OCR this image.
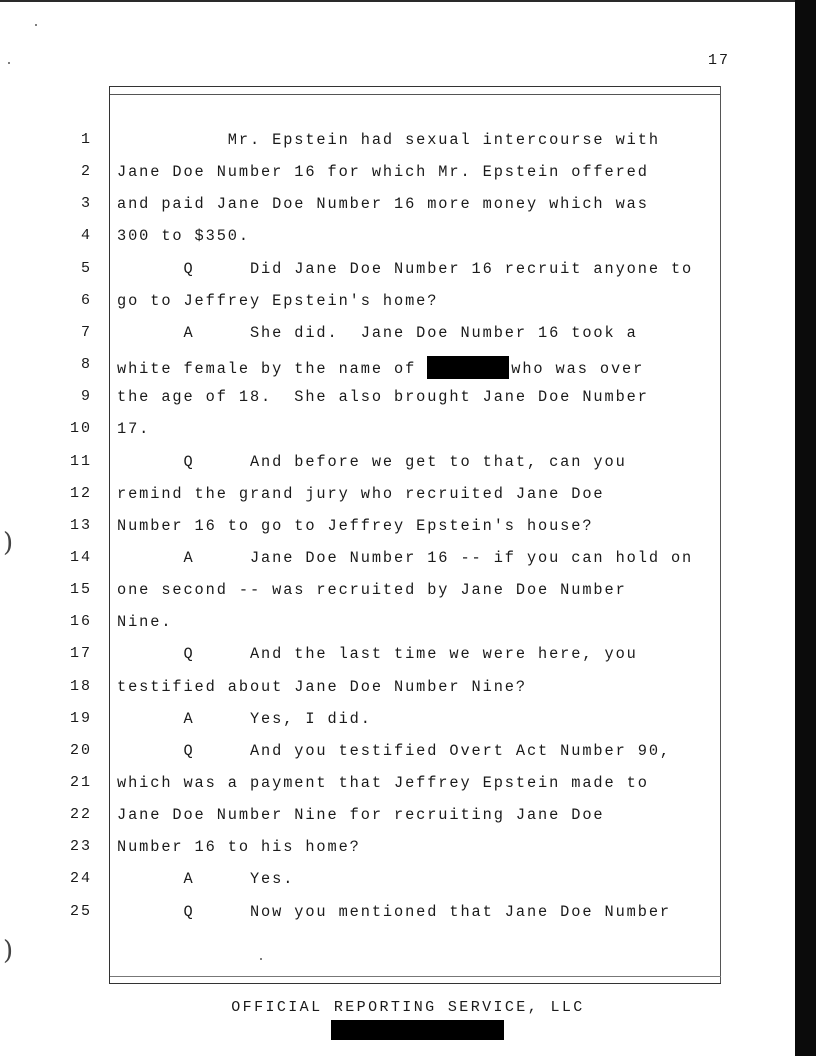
17
)
)
1 Mr. Epstein had sexual intercourse with
2 Jane Doe Number 16 for which Mr. Epstein offered
3 and paid Jane Doe Number 16 more money which was
4 300 to $350.
5 Q     Did Jane Doe Number 16 recruit anyone to
6 go to Jeffrey Epstein's home?
7 A     She did.  Jane Doe Number 16 took a
8 white female by the name of	who was over
9 the age of 18.  She also brought Jane Doe Number
10 17.
11 Q     And before we get to that, can you
12 remind the grand jury who recruited Jane Doe
13 Number 16 to go to Jeffrey Epstein's house?
14 A     Jane Doe Number 16 -- if you can hold on
15 one second -- was recruited by Jane Doe Number
16 Nine.
17 Q     And the last time we were here, you
18 testified about Jane Doe Number Nine?
19 A     Yes, I did.
20 Q     And you testified Overt Act Number 90,
21 which was a payment that Jeffrey Epstein made to
22 Jane Doe Number Nine for recruiting Jane Doe
23 Number 16 to his home?
24 A     Yes.
25 Q     Now you mentioned that Jane Doe Number
OFFICIAL REPORTING SERVICE, LLC
